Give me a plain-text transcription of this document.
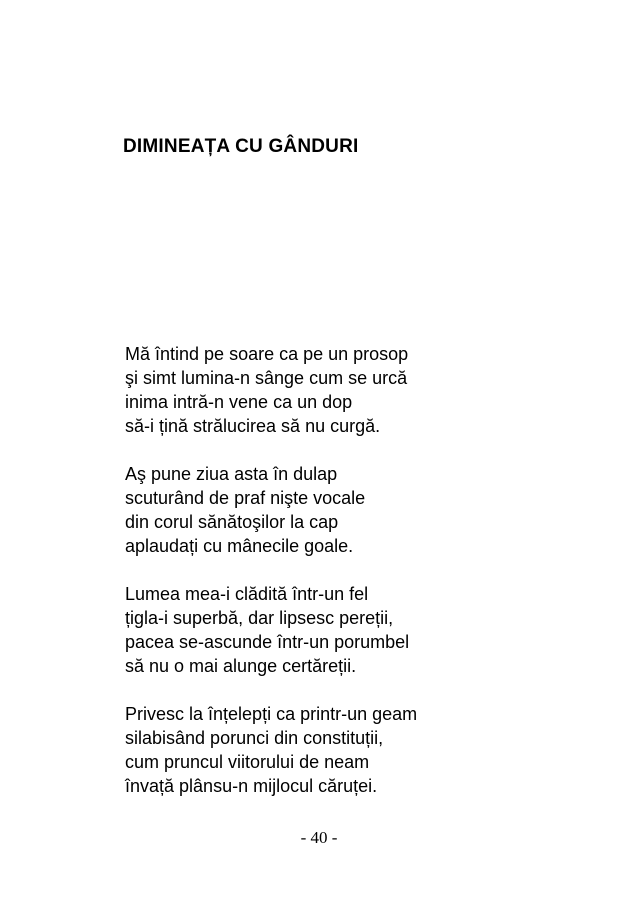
DIMINEAȚA CU GÂNDURI
Mă întind pe soare ca pe un prosop
şi simt lumina-n sânge cum se urcă
inima intră-n vene ca un dop
să-i țină strălucirea să nu curgă.
Aş pune ziua asta în dulap
scuturând de praf nişte vocale
din corul sănătoşilor la cap
aplaudați cu mânecile goale.
Lumea mea-i clădită într-un fel
țigla-i superbă, dar lipsesc pereții,
pacea se-ascunde într-un porumbel
să nu o mai alunge certăreții.
Privesc la înțelepți ca printr-un geam
silabisând porunci din constituții,
cum pruncul viitorului de neam
învață plânsu-n mijlocul căruței.
- 40 -
